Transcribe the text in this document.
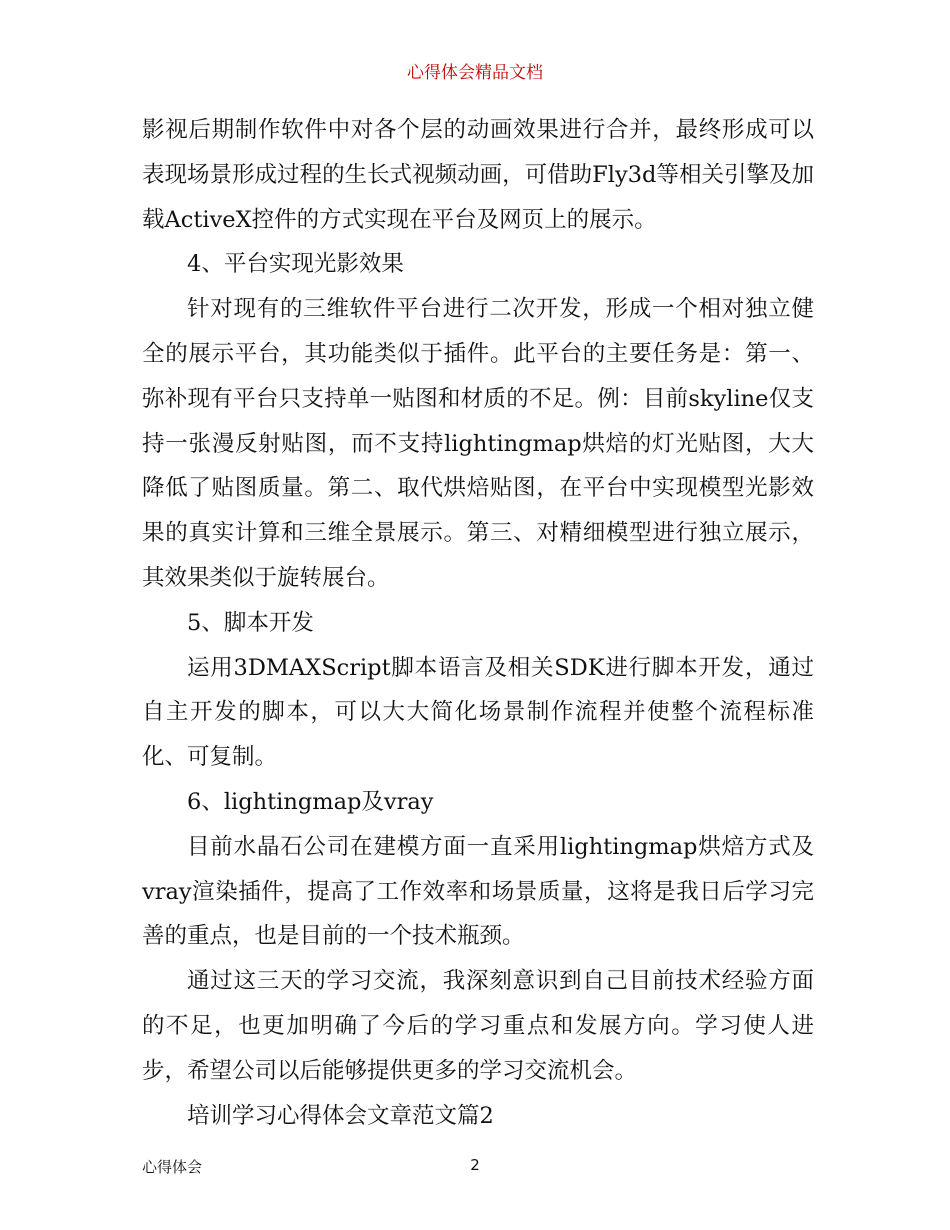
心得体会精品文档

影视后期制作软件中对各个层的动画效果进行合并，最终形成可以表现场景形成过程的生长式视频动画，可借助Fly3d等相关引擎及加载ActiveX控件的方式实现在平台及网页上的展示。

4、平台实现光影效果

针对现有的三维软件平台进行二次开发，形成一个相对独立健全的展示平台，其功能类似于插件。此平台的主要任务是：第一、弥补现有平台只支持单一贴图和材质的不足。例：目前skyline仅支持一张漫反射贴图，而不支持lightingmap烘焙的灯光贴图，大大降低了贴图质量。第二、取代烘焙贴图，在平台中实现模型光影效果的真实计算和三维全景展示。第三、对精细模型进行独立展示，其效果类似于旋转展台。

5、脚本开发

运用3DMAXScript脚本语言及相关SDK进行脚本开发，通过自主开发的脚本，可以大大简化场景制作流程并使整个流程标准化、可复制。

6、lightingmap及vray

目前水晶石公司在建模方面一直采用lightingmap烘焙方式及vray渲染插件，提高了工作效率和场景质量，这将是我日后学习完善的重点，也是目前的一个技术瓶颈。

通过这三天的学习交流，我深刻意识到自己目前技术经验方面的不足，也更加明确了今后的学习重点和发展方向。学习使人进步，希望公司以后能够提供更多的学习交流机会。

培训学习心得体会文章范文篇2

心得体会	2
